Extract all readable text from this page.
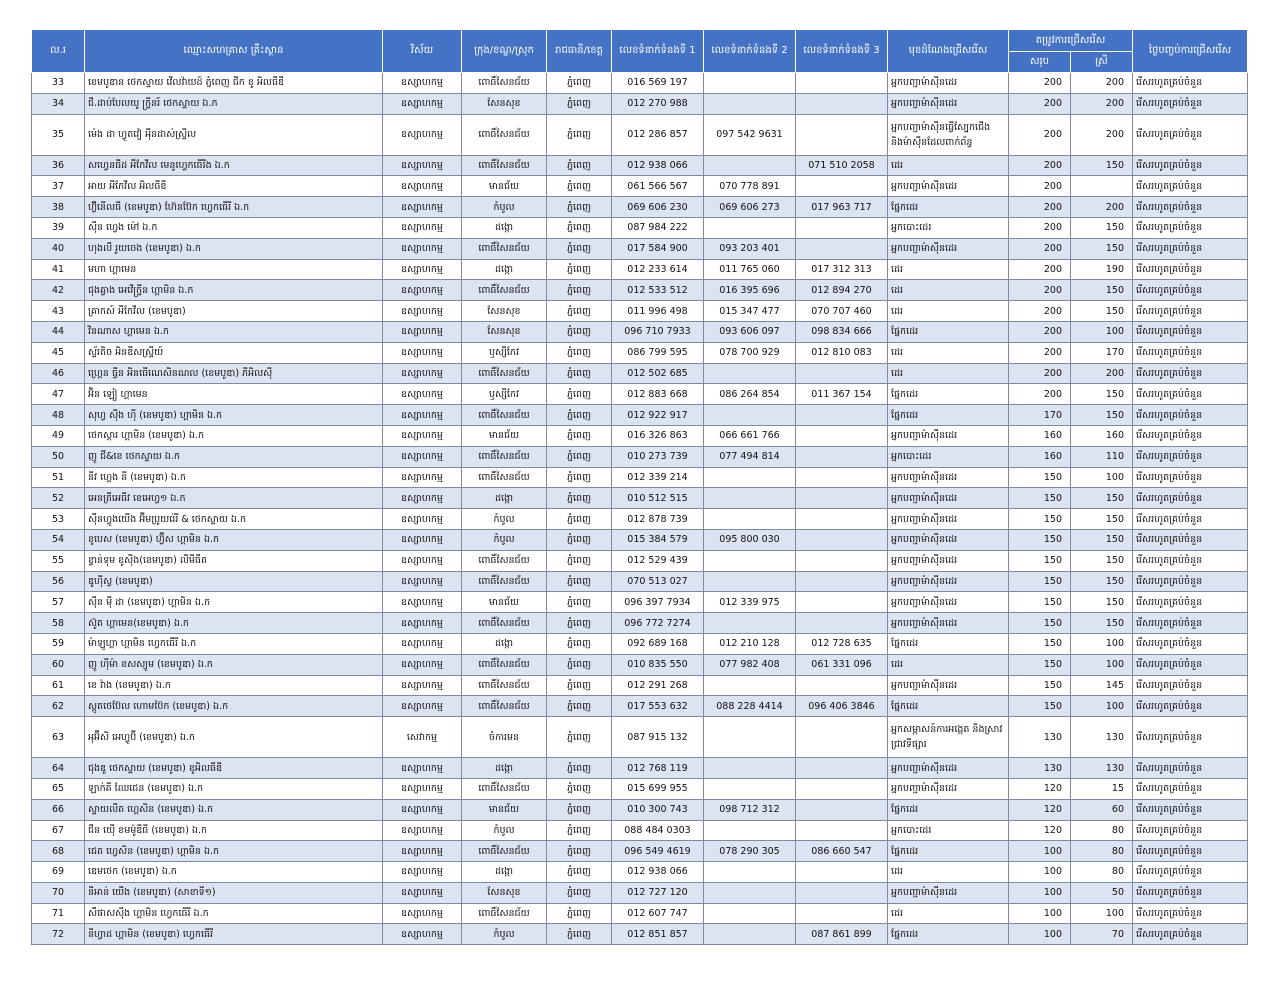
ល.រ	ឈ្មោះសហគ្រាស គ្រឹះស្ថាន	វិស័យ	ក្រុង/ខណ្ឌ/ស្រុក	រាជធានី/ខេត្ត	លេខទំនាក់ទំនងទី 1	លេខទំនាក់ទំនងទី 2	លេខទំនាក់ទំនងទី 3	មុខដំណែងជ្រើសរើស	តម្រូវការជ្រើសរើស		ថ្ងៃបញ្ចប់ការជ្រើសរើស
									សរុប	ស្រី	
33	ខេមបូឌាន ថេកស្ទាយ វើលវ៉ាយដ៍ ភ្នំពេញ ជីក ខូ អិលធីឌី	ឧស្សាហកម្ម	ពោធិ៍សែនជ័យ	ភ្នំពេញ	016 569 197			អ្នកបញ្ជាម៉ាស៊ីនដេរ	200	200	រើសរហូតគ្រប់ចំនួន
34	ជី.ដាប់បែលយូ ក្រ្ទីនរ៍ ថេកស្ទាយ ឯ.ក	ឧស្សាហកម្ម	សែនសុខ	ភ្នំពេញ	012 270 988			អ្នកបញ្ជាម៉ាស៊ីនដេរ	200	200	រើសរហូតគ្រប់ចំនួន
35	ម៉េង ដា ហ្វូតវៀ អុីនដាស់ស្រ្ទីល	ឧស្សាហកម្ម	ពោធិ៍សែនជ័យ	ភ្នំពេញ	012 286 857	097 542 9631		អ្នកបញ្ជាម៉ាស៊ីនធ្វើស្បែកជើង និងម៉ាស៊ីនដែលពាក់ព័ន្ធ	200	200	រើសរហូតគ្រប់ចំនួន
36	សហ្វេនធីដ អឹកែវីល មេនូហ្វេកធើរីង ឯ.ក	ឧស្សាហកម្ម	ពោធិ៍សែនជ័យ	ភ្នំពេញ	012 938 066		071 510 2058	ដេរ	200	150	រើសរហូតគ្រប់ចំនួន
37	អាយ អីកែវីល អិលធីឌី	ឧស្សាហកម្ម	មានជ័យ	ភ្នំពេញ	061 566 567	070 778 891		អ្នកបញ្ជាម៉ាស៊ីនដេរ	200		រើសរហូតគ្រប់ចំនួន
38	ហ៊្វីនើលធី (ខេមបូឌា) ហ៊ែនប៊ែក ហ្វេកធើរី ឯ.ក	ឧស្សាហកម្ម	កំបូល	ភ្នំពេញ	069 606 230	069 606 273	017 963 717	ផ្នែកដេរ	200	200	រើសរហូតគ្រប់ចំនួន
39	ស៊ីន ហ្វេង ម៉ៅ ឯ.ក	ឧស្សាហកម្ម	ដង្កោ	ភ្នំពេញ	087 984 222			អ្នកបោះដេរ	200	150	រើសរហូតគ្រប់ចំនួន
40	ហុងលី រូយចេង (ខេមបូឌា) ឯ.ក	ឧស្សាហកម្ម	ពោធិ៍សែនជ័យ	ភ្នំពេញ	017 584 900	093 203 401		អ្នកបញ្ជាម៉ាស៊ីនដេរ	200	150	រើសរហូតគ្រប់ចំនួន
41	មហា ហ្គាមេន	ឧស្សាហកម្ម	ដង្កោ	ភ្នំពេញ	012 233 614	011 765 060	017 312 313	ដេរ	200	190	រើសរហូតគ្រប់ចំនួន
42	ជុងគ្វាង អេវើក្រ្ទីន ហ្គាមិន ឯ.ក	ឧស្សាហកម្ម	ពោធិ៍សែនជ័យ	ភ្នំពេញ	012 533 512	016 395 696	012 894 270	ដេរ	200	150	រើសរហូតគ្រប់ចំនួន
43	គ្រាកស៍ អីកែវីល (ខេមបូឌា)	ឧស្សាហកម្ម	សែនសុខ	ភ្នំពេញ	011 996 498	015 347 477	070 707 460	ដេរ	200	150	រើសរហូតគ្រប់ចំនួន
44	វិនណាស ហ្គាមេន ឯ.ក	ឧស្សាហកម្ម	សែនសុខ	ភ្នំពេញ	096 710 7933	093 606 097	098 834 666	ផ្នែកដេរ	200	100	រើសរហូតគ្រប់ចំនួន
45	ស្ទ័រតិច អិនឌីសស្ទ្រីយ៍	ឧស្សាហកម្ម	ឫស្សីកែវ	ភ្នំពេញ	086 799 595	078 700 929	012 810 083	ដេរ	200	170	រើសរហូតគ្រប់ចំនួន
46	ហ្គ្រេន ធ្វីន អិនធើណេសិនណល (ខេមបូឌា) ភីអិលស៊ី	ឧស្សាហកម្ម	ពោធិ៍សែនជ័យ	ភ្នំពេញ	012 502 685			ដេរ	200	200	រើសរហូតគ្រប់ចំនួន
47	អ៊ិន ឡៀ ហ្គាមេន	ឧស្សាហកម្ម	ឫស្សីកែវ	ភ្នំពេញ	012 883 668	086 264 854	011 367 154	ផ្នែកដេរ	200	150	រើសរហូតគ្រប់ចំនួន
48	សុហ្វ ស៊ីង ហ៊ី (ខេមបូឌា) ហ្គាមិន ឯ.ក	ឧស្សាហកម្ម	ពោធិ៍សែនជ័យ	ភ្នំពេញ	012 922 917			ផ្នែកដេរ	170	150	រើសរហូតគ្រប់ចំនួន
49	ថេកស្តារ ហ្គាមិន (ខេមបូឌា) ឯ.ក	ឧស្សាហកម្ម	មានជ័យ	ភ្នំពេញ	016 326 863	066 661 766		អ្នកបញ្ជាម៉ាស៊ីនដេរ	160	160	រើសរហូតគ្រប់ចំនួន
50	ញូ ជី&ខេ ថេកស្ទាយ ឯ.ក	ឧស្សាហកម្ម	ពោធិ៍សែនជ័យ	ភ្នំពេញ	010 273 739	077 494 814		អ្នកបោះដេរ	160	110	រើសរហូតគ្រប់ចំនួន
51	នីវ ហ្គេង នី (ខេមបូឌា) ឯ.ក	ឧស្សាហកម្ម	ពោធិ៍សែនជ័យ	ភ្នំពេញ	012 339 214			អ្នកបញ្ជាម៉ាស៊ីនដេរ	150	100	រើសរហូតគ្រប់ចំនួន
52	អេនត្រីអេធីវ ខេអេហ្វ១ ឯ.ក	ឧស្សាហកម្ម	ដង្កោ	ភ្នំពេញ	010 512 515			អ្នកបញ្ជាម៉ាស៊ីនដេរ	150	150	រើសរហូតគ្រប់ចំនួន
53	ស៊ីនហ្វូងយើង អ៊ីមប្រូយរ៉េរី & ថេកស្ទាយ ឯ.ក	ឧស្សាហកម្ម	កំបូល	ភ្នំពេញ	012 878 739			អ្នកបញ្ជាម៉ាស៊ីនដេរ	150	150	រើសរហូតគ្រប់ចំនួន
54	ខូបេស (ខេមបូឌា) ហ្វ៊ីស ហ្គាមិន ឯ.ក	ឧស្សាហកម្ម	កំបូល	ភ្នំពេញ	015 384 579	095 800 030		អ្នកបញ្ជាម៉ាស៊ីនដេរ	150	150	រើសរហូតគ្រប់ចំនួន
55	ខ្វាន់ទុម ខូស៊ីង(ខេមបូឌា) លីមីធីត	ឧស្សាហកម្ម	ពោធិ៍សែនជ័យ	ភ្នំពេញ	012 529 439			អ្នកបញ្ជាម៉ាស៊ីនដេរ	150	150	រើសរហូតគ្រប់ចំនួន
56	ឌូហ៊ីស្វ (ខេមបូឌា)	ឧស្សាហកម្ម	ពោធិ៍សែនជ័យ	ភ្នំពេញ	070 513 027			អ្នកបញ្ជាម៉ាស៊ីនដេរ	150	150	រើសរហូតគ្រប់ចំនួន
57	ស៊ីន ម៉ី ដា (ខេមបូឌា) ហ្គាមិន ឯ.ក	ឧស្សាហកម្ម	មានជ័យ	ភ្នំពេញ	096 397 7934	012 339 975		អ្នកបញ្ជាម៉ាស៊ីនដេរ	150	150	រើសរហូតគ្រប់ចំនួន
58	ស៊ូត ហ្គាមេន(ខេមបូឌា) ឯ.ក	ឧស្សាហកម្ម	ពោធិ៍សែនជ័យ	ភ្នំពេញ	096 772 7274			អ្នកបញ្ជាម៉ាស៊ីនដេរ	150	150	រើសរហូតគ្រប់ចំនួន
59	ម៉ាឡូហ្គា ហ្គាមិន ហ្វេកធើរី ឯ.ក	ឧស្សាហកម្ម	ដង្កោ	ភ្នំពេញ	092 689 168	012 210 128	012 728 635	ផ្នែកដេរ	150	100	រើសរហូតគ្រប់ចំនួន
60	ញូ ហ៊ីម៉ា ខសស្យូម (ខេមបូឌា) ឯ.ក	ឧស្សាហកម្ម	ពោធិ៍សែនជ័យ	ភ្នំពេញ	010 835 550	077 982 408	061 331 096	ដេរ	150	100	រើសរហូតគ្រប់ចំនួន
61	ខេ វ៉ាង (ខេមបូឌា) ឯ.ក	ឧស្សាហកម្ម	ពោធិ៍សែនជ័យ	ភ្នំពេញ	012 291 268			អ្នកបញ្ជាម៉ាស៊ីនដេរ	150	145	រើសរហូតគ្រប់ចំនួន
62	ស្តូតថេប៊ែល ហោមប៊ែក (ខេមបូឌា) ឯ.ក	ឧស្សាហកម្ម	ពោធិ៍សែនជ័យ	ភ្នំពេញ	017 553 632	088 228 4414	096 406 3846	ផ្នែកដេរ	150	100	រើសរហូតគ្រប់ចំនួន
63	អុអ៊ីសិ អេហ្វូប៊ី (ខេមបូឌា) ឯ.ក	សេវាកម្ម	ចំការមន	ភ្នំពេញ	087 915 132			អ្នកសម្ភាសន៍ការអង្កេត និងស្រាវជ្រាវទីផ្សារ	130	130	រើសរហូតគ្រប់ចំនួន
64	ជុងឌូ ថេកស្ទាយ (ខេមបូឌា) ខូអិលធីឌី	ឧស្សាហកម្ម	ដង្កោ	ភ្នំពេញ	012 768 119			អ្នកបញ្ជាម៉ាស៊ីនដេរ	130	130	រើសរហូតគ្រប់ចំនួន
65	ឡាក់គី ឈែជេន (ខេមបូឌា) ឯ.ក	ឧស្សាហកម្ម	ពោធិ៍សែនជ័យ	ភ្នំពេញ	015 699 955			អ្នកបញ្ជាម៉ាស៊ីនដេរ	120	15	រើសរហូតគ្រប់ចំនួន
66	ស្ទាយលីត ហ្គេសិន (ខេមបូឌា) ឯ.ក	ឧស្សាហកម្ម	មានជ័យ	ភ្នំពេញ	010 300 743	098 712 312		ផ្នែកដេរ	120	60	រើសរហូតគ្រប់ចំនួន
67	ជីន យ៉ើ ខមម៉ូឌីធី (ខេមបូឌា) ឯ.ក	ឧស្សាហកម្ម	កំបូល	ភ្នំពេញ	088 484 0303			អ្នកបោះដេរ	120	80	រើសរហូតគ្រប់ចំនួន
68	ជេត ហ្វេសិន (ខេមបូឌា) ហ្គាមិន ឯ.ក	ឧស្សាហកម្ម	ពោធិ៍សែនជ័យ	ភ្នំពេញ	096 549 4619	078 290 305	086 660 547	ផ្នែកដេរ	100	80	រើសរហូតគ្រប់ចំនួន
69	ឌេមថេក (ខេមបូឌា) ឯ.ក	ឧស្សាហកម្ម	ដង្កោ	ភ្នំពេញ	012 938 066			ដេរ	100	80	រើសរហូតគ្រប់ចំនួន
70	នីអាន់ យើង (ខេមបូឌា) (សាខាទី១)	ឧស្សាហកម្ម	សែនសុខ	ភ្នំពេញ	012 727 120			អ្នកបញ្ជាម៉ាស៊ីនដេរ	100	50	រើសរហូតគ្រប់ចំនួន
71	សឹផាសស៊ីង ហ្គាមិន ហ្វេកធើរី ឯ.ក	ឧស្សាហកម្ម	ពោធិ៍សែនជ័យ	ភ្នំពេញ	012 607 747			ដេរ	100	100	រើសរហូតគ្រប់ចំនួន
72	នីហ្វាដ ហ្គាមិន (ខេមបូឌា) ហ្វេកធើរី	ឧស្សាហកម្ម	កំបូល	ភ្នំពេញ	012 851 857		087 861 899	ផ្នែកដេរ	100	70	រើសរហូតគ្រប់ចំនួន
